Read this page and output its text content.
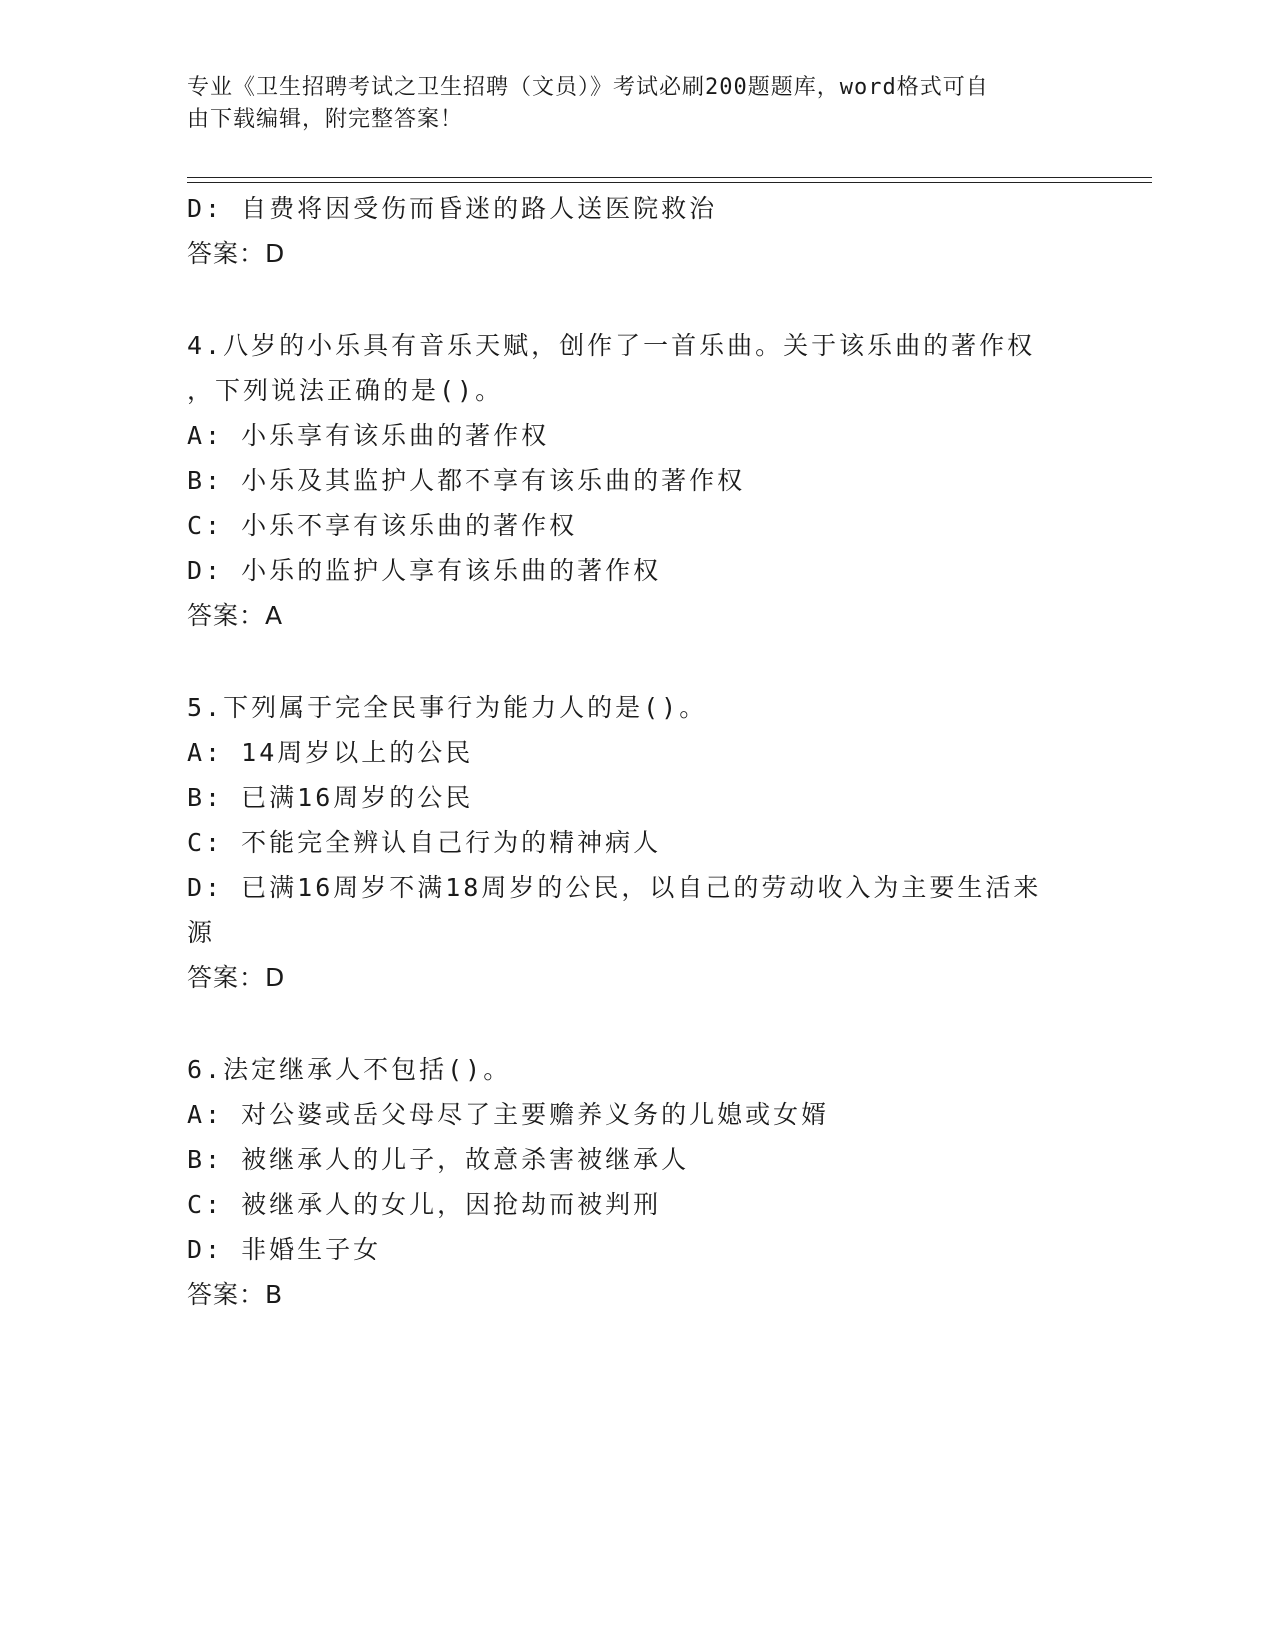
专业《卫生招聘考试之卫生招聘（文员）》考试必刷200题题库，word格式可自
由下载编辑，附完整答案！
D: 自费将因受伤而昏迷的路人送医院救治
答案：D
4.八岁的小乐具有音乐天赋，创作了一首乐曲。关于该乐曲的著作权
，下列说法正确的是()。
A: 小乐享有该乐曲的著作权
B: 小乐及其监护人都不享有该乐曲的著作权
C: 小乐不享有该乐曲的著作权
D: 小乐的监护人享有该乐曲的著作权
答案：A
5.下列属于完全民事行为能力人的是()。
A: 14周岁以上的公民
B: 已满16周岁的公民
C: 不能完全辨认自己行为的精神病人
D: 已满16周岁不满18周岁的公民，以自己的劳动收入为主要生活来
源
答案：D
6.法定继承人不包括()。
A: 对公婆或岳父母尽了主要赡养义务的儿媳或女婿
B: 被继承人的儿子，故意杀害被继承人
C: 被继承人的女儿，因抢劫而被判刑
D: 非婚生子女
答案：B
